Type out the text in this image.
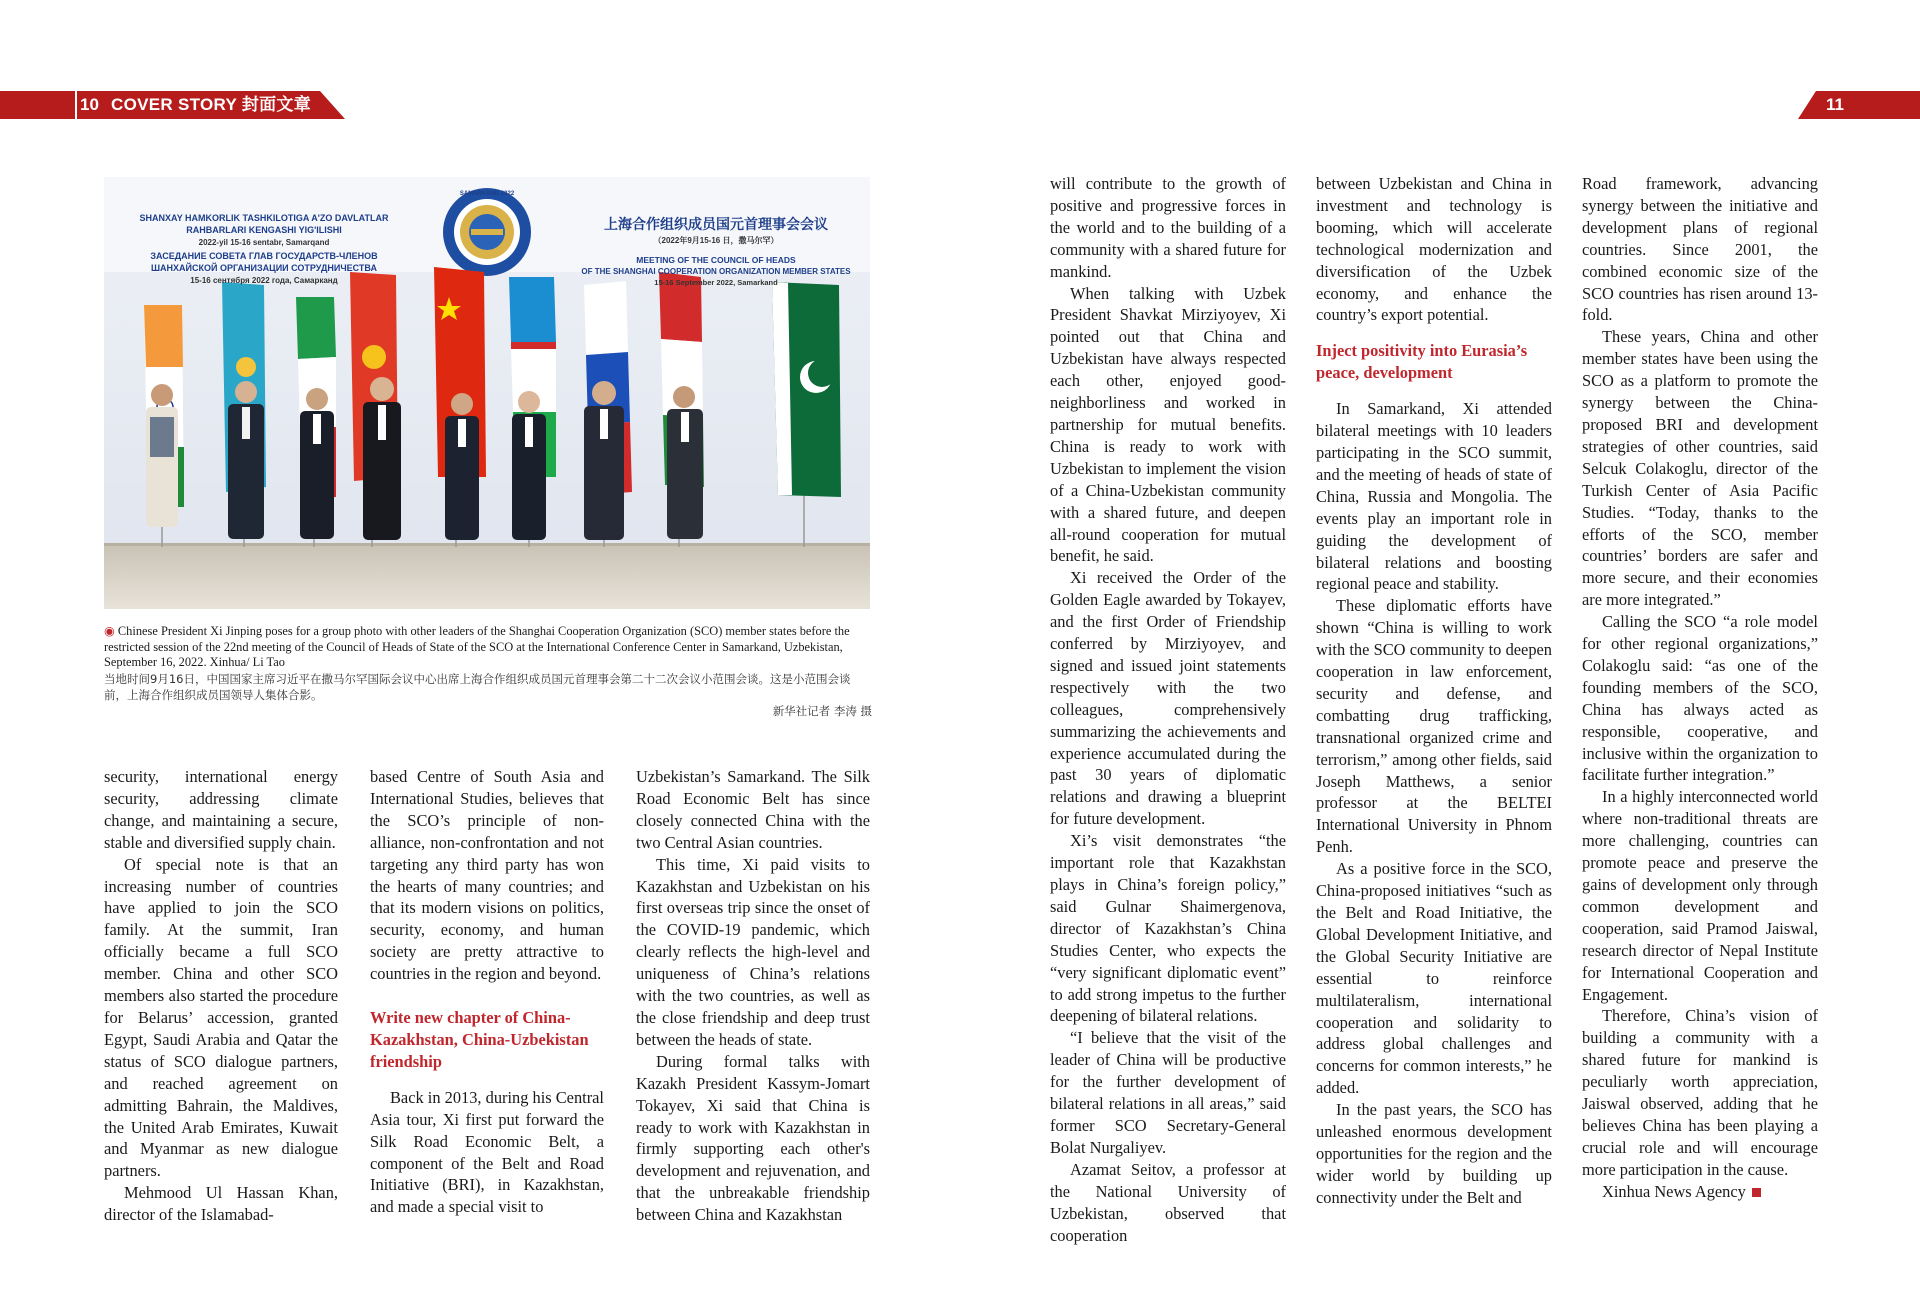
10 COVER STORY 封面文章	11
SHANXAY HAMKORLIK TASHKILOTIGA A'ZO DAVLATLAR
RAHBARLARI KENGASHI YIG'ILISHI
2022-yil 15-16 sentabr, Samarqand
ЗАСЕДАНИЕ СОВЕТА ГЛАВ ГОСУДАРСТВ-ЧЛЕНОВ
ШАНХАЙСКОЙ ОРГАНИЗАЦИИ СОТРУДНИЧЕСТВА
15-16 сентября 2022 года, Самарканд
上海合作组织成员国元首理事会会议
（2022年9月15-16 日，撒马尔罕）
MEETING OF THE COUNCIL OF HEADS
OF THE SHANGHAI COOPERATION ORGANIZATION MEMBER STATES
15-16 September 2022, Samarkand
SAMARKAND 2022

◉ Chinese President Xi Jinping poses for a group photo with other leaders of the Shanghai Cooperation Organization (SCO) member states before the restricted session of the 22nd meeting of the Council of Heads of State of the SCO at the International Conference Center in Samarkand, Uzbekistan, September 16, 2022. Xinhua/ Li Tao

当地时间9月16日，中国国家主席习近平在撒马尔罕国际会议中心出席上海合作组织成员国元首理事会第二十二次会议小范围会谈。这是小范围会谈前，上海合作组织成员国领导人集体合影。

新华社记者 李涛 摄

security, international energy security, addressing climate change, and maintaining a secure, stable and diversified supply chain.

Of special note is that an increasing number of countries have applied to join the SCO family. At the summit, Iran officially became a full SCO member. China and other SCO members also started the procedure for Belarus’ accession, granted Egypt, Saudi Arabia and Qatar the status of SCO dialogue partners, and reached agreement on admitting Bahrain, the Maldives, the United Arab Emirates, Kuwait and Myanmar as new dialogue partners.

Mehmood Ul Hassan Khan, director of the Islamabad-

based Centre of South Asia and International Studies, believes that the SCO’s principle of non-alliance, non-confrontation and not targeting any third party has won the hearts of many countries; and that its modern visions on politics, security, economy, and human society are pretty attractive to countries in the region and beyond.

Write new chapter of China-Kazakhstan, China-Uzbekistan friendship

Back in 2013, during his Central Asia tour, Xi first put forward the Silk Road Economic Belt, a component of the Belt and Road Initiative (BRI), in Kazakhstan, and made a special visit to

Uzbekistan’s Samarkand. The Silk Road Economic Belt has since closely connected China with the two Central Asian countries.

This time, Xi paid visits to Kazakhstan and Uzbekistan on his first overseas trip since the onset of the COVID-19 pandemic, which clearly reflects the high-level and uniqueness of China’s relations with the two countries, as well as the close friendship and deep trust between the heads of state.

During formal talks with Kazakh President Kassym-Jomart Tokayev, Xi said that China is ready to work with Kazakhstan in firmly supporting each other's development and rejuvenation, and that the unbreakable friendship between China and Kazakhstan

will contribute to the growth of positive and progressive forces in the world and to the building of a community with a shared future for mankind.

When talking with Uzbek President Shavkat Mirziyoyev, Xi pointed out that China and Uzbekistan have always respected each other, enjoyed good-neighborliness and worked in partnership for mutual benefits. China is ready to work with Uzbekistan to implement the vision of a China-Uzbekistan community with a shared future, and deepen all-round cooperation for mutual benefit, he said.

Xi received the Order of the Golden Eagle awarded by Tokayev, and the first Order of Friendship conferred by Mirziyoyev, and signed and issued joint statements respectively with the two colleagues, comprehensively summarizing the achievements and experience accumulated during the past 30 years of diplomatic relations and drawing a blueprint for future development.

Xi’s visit demonstrates “the important role that Kazakhstan plays in China’s foreign policy,” said Gulnar Shaimergenova, director of Kazakhstan’s China Studies Center, who expects the “very significant diplomatic event” to add strong impetus to the further deepening of bilateral relations.

“I believe that the visit of the leader of China will be productive for the further development of bilateral relations in all areas,” said former SCO Secretary-General Bolat Nurgaliyev.

Azamat Seitov, a professor at the National University of Uzbekistan, observed that cooperation

between Uzbekistan and China in investment and technology is booming, which will accelerate technological modernization and diversification of the Uzbek economy, and enhance the country’s export potential.

Inject positivity into Eurasia’s peace, development

In Samarkand, Xi attended bilateral meetings with 10 leaders participating in the SCO summit, and the meeting of heads of state of China, Russia and Mongolia. The events play an important role in guiding the development of bilateral relations and boosting regional peace and stability.

These diplomatic efforts have shown “China is willing to work with the SCO community to deepen cooperation in law enforcement, security and defense, and combatting drug trafficking, transnational organized crime and terrorism,” among other fields, said Joseph Matthews, a senior professor at the BELTEI International University in Phnom Penh.

As a positive force in the SCO, China-proposed initiatives “such as the Belt and Road Initiative, the Global Development Initiative, and the Global Security Initiative are essential to reinforce multilateralism, international cooperation and solidarity to address global challenges and concerns for common interests,” he added.

In the past years, the SCO has unleashed enormous development opportunities for the region and the wider world by building up connectivity under the Belt and

Road framework, advancing synergy between the initiative and development plans of regional countries. Since 2001, the combined economic size of the SCO countries has risen around 13-fold.

These years, China and other member states have been using the SCO as a platform to promote the synergy between the China-proposed BRI and development strategies of other countries, said Selcuk Colakoglu, director of the Turkish Center of Asia Pacific Studies. “Today, thanks to the efforts of the SCO, member countries’ borders are safer and more secure, and their economies are more integrated.”

Calling the SCO “a role model for other regional organizations,” Colakoglu said: “as one of the founding members of the SCO, China has always acted as responsible, cooperative, and inclusive within the organization to facilitate further integration.”

In a highly interconnected world where non-traditional threats are more challenging, countries can promote peace and preserve the gains of development only through common development and cooperation, said Pramod Jaiswal, research director of Nepal Institute for International Cooperation and Engagement.

Therefore, China’s vision of building a community with a shared future for mankind is peculiarly worth appreciation, Jaiswal observed, adding that he believes China has been playing a crucial role and will encourage more participation in the cause.

Xinhua News Agency
